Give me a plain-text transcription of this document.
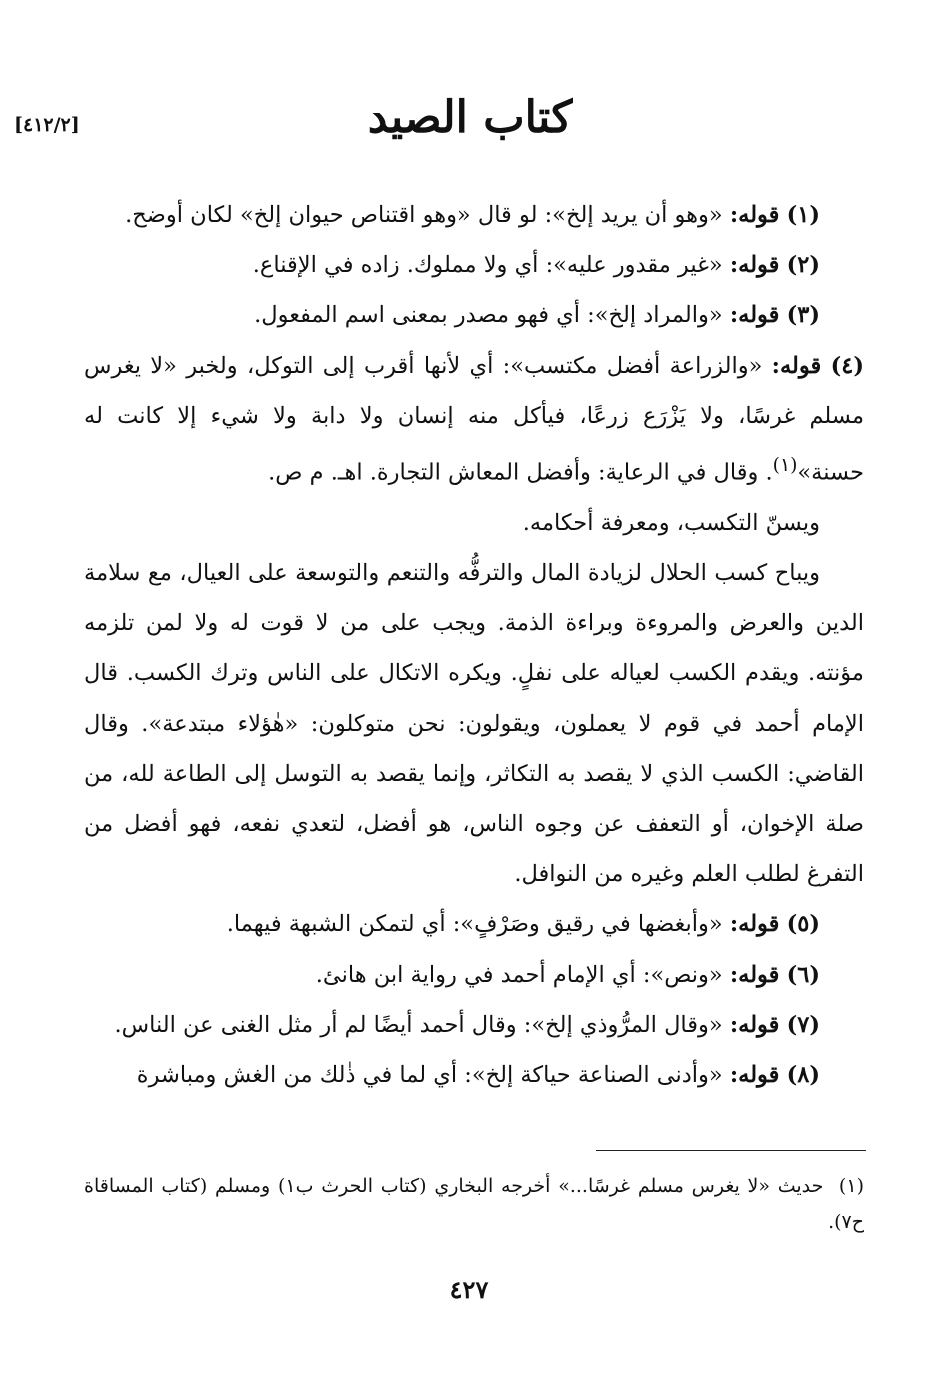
[٤١٢/٢]	كتاب الصيد

(١) قوله: «وهو أن يريد إلخ»: لو قال «وهو اقتناص حيوان إلخ» لكان أوضح.

(٢) قوله: «غير مقدور عليه»: أي ولا مملوك. زاده في الإقناع.

(٣) قوله: «والمراد إلخ»: أي فهو مصدر بمعنى اسم المفعول.

(٤) قوله: «والزراعة أفضل مكتسب»: أي لأنها أقرب إلى التوكل، ولخبر «لا يغرس مسلم غرسًا، ولا يَزْرَع زرعًا، فيأكل منه إنسان ولا دابة ولا شيء إلا كانت له حسنة»$^{(١)}$. وقال في الرعاية: وأفضل المعاش التجارة. اهـ. م ص.

ويسنّ التكسب، ومعرفة أحكامه.

ويباح كسب الحلال لزيادة المال والترفُّه والتنعم والتوسعة على العيال، مع سلامة الدين والعرض والمروءة وبراءة الذمة. ويجب على من لا قوت له ولا لمن تلزمه مؤنته. ويقدم الكسب لعياله على نفلٍ. ويكره الاتكال على الناس وترك الكسب. قال الإمام أحمد في قوم لا يعملون، ويقولون: نحن متوكلون: «هٰؤلاء مبتدعة». وقال القاضي: الكسب الذي لا يقصد به التكاثر، وإنما يقصد به التوسل إلى الطاعة لله، من صلة الإخوان، أو التعفف عن وجوه الناس، هو أفضل، لتعدي نفعه، فهو أفضل من التفرغ لطلب العلم وغيره من النوافل.

(٥) قوله: «وأبغضها في رقيق وصَرْفٍ»: أي لتمكن الشبهة فيهما.

(٦) قوله: «ونص»: أي الإمام أحمد في رواية ابن هانئ.

(٧) قوله: «وقال المرُّوذي إلخ»: وقال أحمد أيضًا لم أر مثل الغنى عن الناس.

(٨) قوله: «وأدنى الصناعة حياكة إلخ»: أي لما في ذٰلك من الغش ومباشرة

(١)  حديث «لا يغرس مسلم غرسًا...» أخرجه البخاري (كتاب الحرث ب١) ومسلم (كتاب المساقاة ح٧).

٤٢٧
